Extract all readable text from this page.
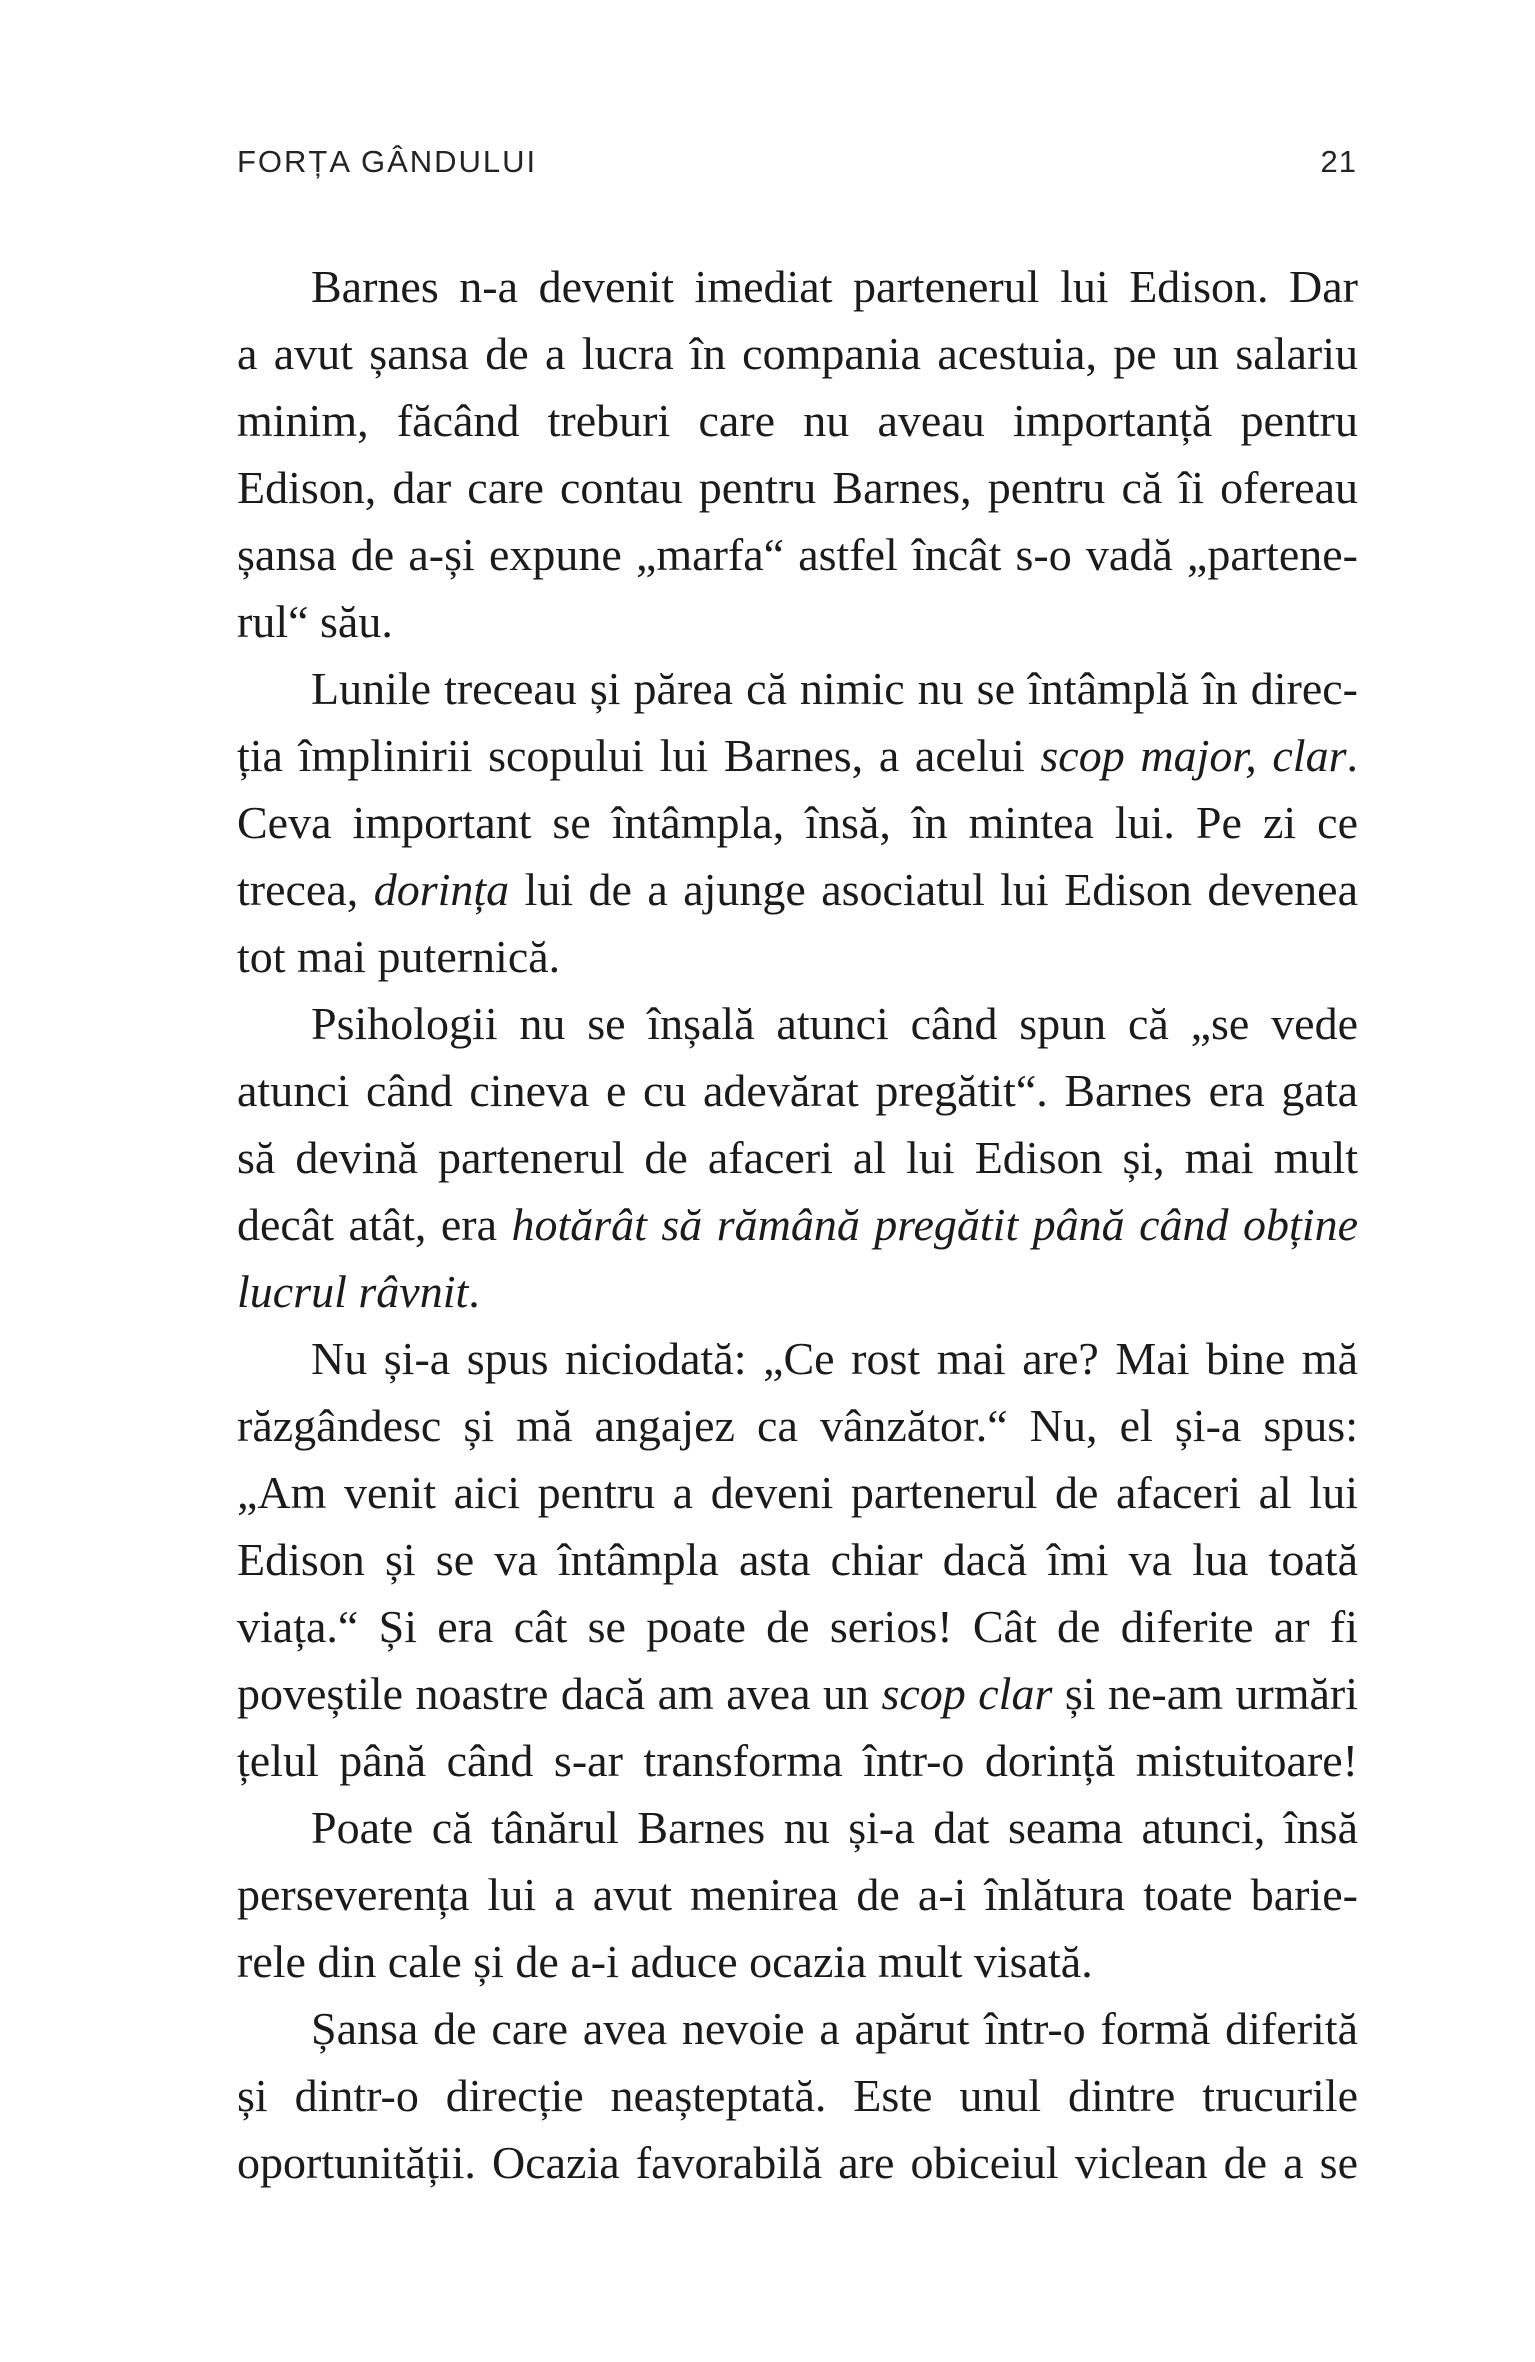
FORȚA GÂNDULUI	21
Barnes n-a devenit imediat partenerul lui Edison. Dar
a avut șansa de a lucra în compania acestuia, pe un salariu
minim, făcând treburi care nu aveau importanță pentru
Edison, dar care contau pentru Barnes, pentru că îi ofereau
șansa de a-și expune „marfa“ astfel încât s-o vadă „partene-
rul“ său.
Lunile treceau și părea că nimic nu se întâmplă în direc-
ția împlinirii scopului lui Barnes, a acelui scop major, clar.
Ceva important se întâmpla, însă, în mintea lui. Pe zi ce
trecea, dorința lui de a ajunge asociatul lui Edison devenea
tot mai puternică.
Psihologii nu se înșală atunci când spun că „se vede
atunci când cineva e cu adevărat pregătit“. Barnes era gata
să devină partenerul de afaceri al lui Edison și, mai mult
decât atât, era hotărât să rămână pregătit până când obține
lucrul râvnit.
Nu și-a spus niciodată: „Ce rost mai are? Mai bine mă
răzgândesc și mă angajez ca vânzător.“ Nu, el și-a spus:
„Am venit aici pentru a deveni partenerul de afaceri al lui
Edison și se va întâmpla asta chiar dacă îmi va lua toată
viața.“ Și era cât se poate de serios! Cât de diferite ar fi
poveștile noastre dacă am avea un scop clar și ne-am urmări
țelul până când s-ar transforma într-o dorință mistuitoare!
Poate că tânărul Barnes nu și-a dat seama atunci, însă
perseverența lui a avut menirea de a-i înlătura toate barie-
rele din cale și de a-i aduce ocazia mult visată.
Șansa de care avea nevoie a apărut într-o formă diferită
și dintr-o direcție neașteptată. Este unul dintre trucurile
oportunității. Ocazia favorabilă are obiceiul viclean de a se
